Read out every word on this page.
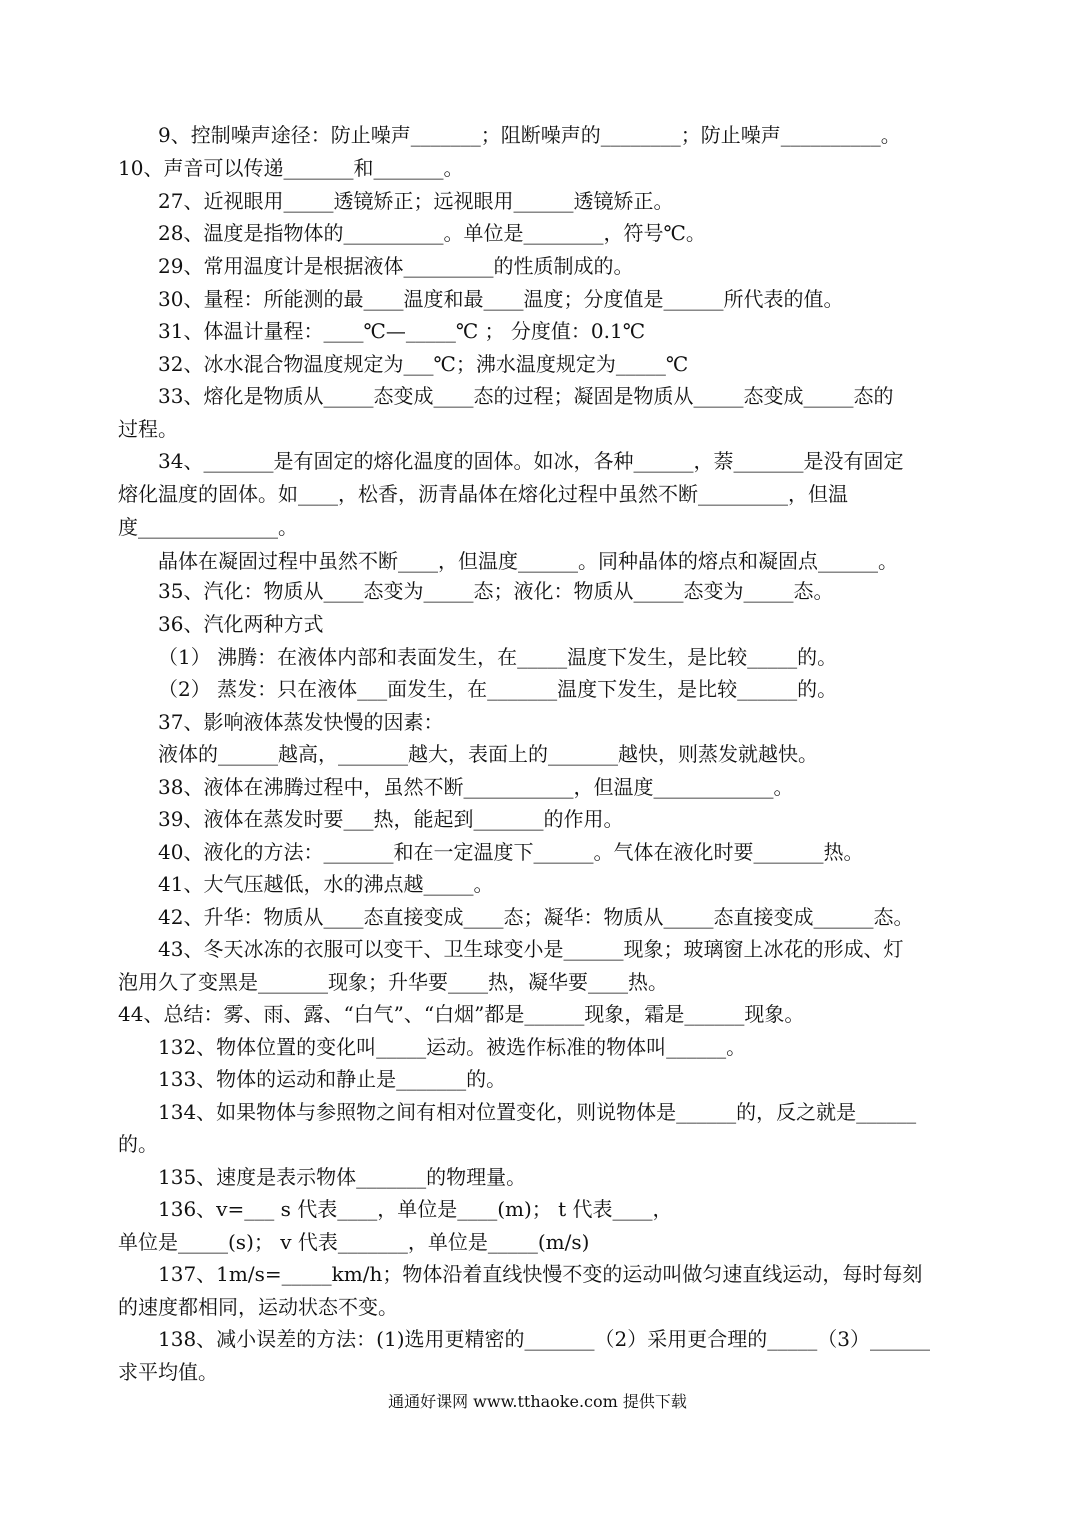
9、控制噪声途径：防止噪声_______；阻断噪声的________；防止噪声__________。
10、声音可以传递_______和_______。
27、近视眼用_____透镜矫正；远视眼用______透镜矫正。
28、温度是指物体的__________。单位是________，符号℃。
29、常用温度计是根据液体_________的性质制成的。
30、量程：所能测的最____温度和最____温度；分度值是______所代表的值。
31、体温计量程：____℃—_____℃ ； 分度值：0.1℃
32、冰水混合物温度规定为___℃；沸水温度规定为_____℃
33、熔化是物质从_____态变成____态的过程；凝固是物质从_____态变成_____态的
过程。
34、_______是有固定的熔化温度的固体。如冰，各种______，萘_______是没有固定
熔化温度的固体。如____，松香，沥青晶体在熔化过程中虽然不断_________，但温
度______________。
晶体在凝固过程中虽然不断____，但温度______。同种晶体的熔点和凝固点______。
35、汽化：物质从____态变为_____态；液化：物质从_____态变为_____态。
36、汽化两种方式
（1） 沸腾：在液体内部和表面发生，在_____温度下发生，是比较_____的。
（2） 蒸发：只在液体___面发生，在_______温度下发生，是比较______的。
37、影响液体蒸发快慢的因素：
液体的______越高，_______越大，表面上的_______越快，则蒸发就越快。
38、液体在沸腾过程中，虽然不断___________，但温度____________。
39、液体在蒸发时要___热，能起到_______的作用。
40、液化的方法：_______和在一定温度下______。气体在液化时要_______热。
41、大气压越低，水的沸点越_____。
42、升华：物质从____态直接变成____态；凝华：物质从_____态直接变成______态。
43、冬天冰冻的衣服可以变干、卫生球变小是______现象；玻璃窗上冰花的形成、灯
泡用久了变黑是_______现象；升华要____热，凝华要____热。
44、总结：雾、雨、露、“白气”、“白烟”都是______现象，霜是______现象。
132、物体位置的变化叫_____运动。被选作标准的物体叫______。
133、物体的运动和静止是_______的。
134、如果物体与参照物之间有相对位置变化，则说物体是______的，反之就是______
的。
135、速度是表示物体_______的物理量。
136、v=___ s 代表____，单位是____(m)； t 代表____，
单位是_____(s)； v 代表_______，单位是_____(m/s)
137、1m/s=_____km/h；物体沿着直线快慢不变的运动叫做匀速直线运动，每时每刻
的速度都相同，运动状态不变。
138、减小误差的方法：(1)选用更精密的_______（2）采用更合理的_____（3）______
求平均值。
通通好课网 www.tthaoke.com 提供下载
